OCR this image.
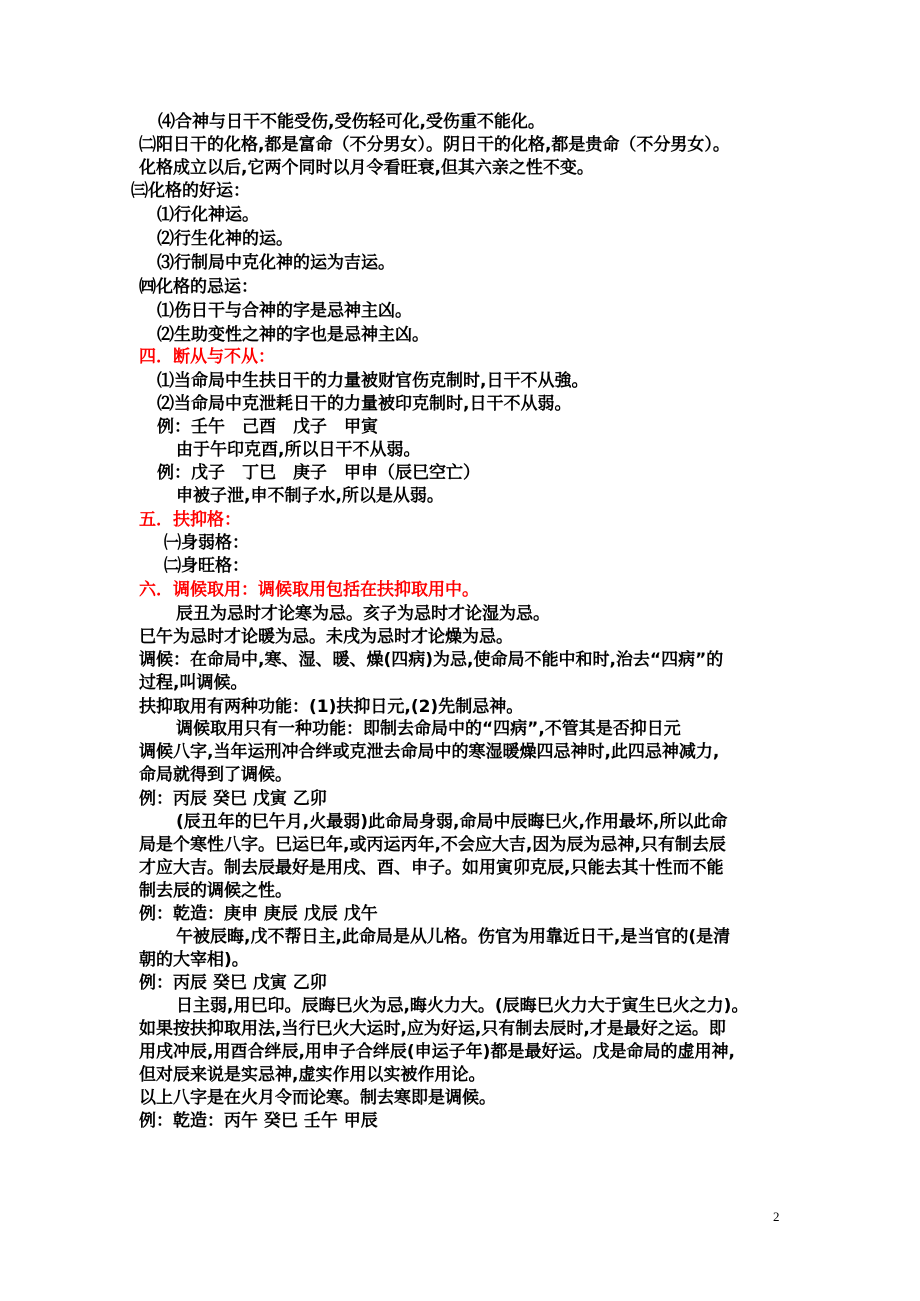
⑷合神与日干不能受伤,受伤轻可化,受伤重不能化。
㈡阳日干的化格,都是富命（不分男女）。阴日干的化格,都是贵命（不分男女）。
化格成立以后,它两个同时以月令看旺衰,但其六亲之性不变。
㈢化格的好运：
⑴行化神运。
⑵行生化神的运。
⑶行制局中克化神的运为吉运。
㈣化格的忌运：
⑴伤日干与合神的字是忌神主凶。
⑵生助变性之神的字也是忌神主凶。
四．断从与不从：
⑴当命局中生扶日干的力量被财官伤克制时,日干不从強。
⑵当命局中克泄耗日干的力量被印克制时,日干不从弱。
例：壬午　己酉　戊子　甲寅
由于午印克酉,所以日干不从弱。
例：戊子　丁巳　庚子　甲申（辰巳空亡）
申被子泄,申不制子水,所以是从弱。
五．扶抑格：
㈠身弱格：
㈡身旺格：
六．调候取用：调候取用包括在扶抑取用中。
辰丑为忌时才论寒为忌。亥子为忌时才论湿为忌。
巳午为忌时才论暖为忌。未戌为忌时才论燥为忌。
调候：在命局中,寒、湿、暖、燥(四病)为忌,使命局不能中和时,治去“四病”的
过程,叫调候。
扶抑取用有两种功能：(1)扶抑日元,(2)先制忌神。
调候取用只有一种功能：即制去命局中的“四病”,不管其是否抑日元
调候八字,当年运刑冲合绊或克泄去命局中的寒湿暖燥四忌神时,此四忌神减力,
命局就得到了调候。
例：丙辰 癸巳 戊寅 乙卯
(辰丑年的巳午月,火最弱)此命局身弱,命局中辰晦巳火,作用最坏,所以此命
局是个寒性八字。巳运巳年,或丙运丙年,不会应大吉,因为辰为忌神,只有制去辰
才应大吉。制去辰最好是用戌、酉、申子。如用寅卯克辰,只能去其十性而不能
制去辰的调候之性。
例：乾造：庚申 庚辰 戊辰 戊午
午被辰晦,戊不帮日主,此命局是从儿格。伤官为用靠近日干,是当官的(是清
朝的大宰相)。
例：丙辰 癸巳 戊寅 乙卯
日主弱,用巳印。辰晦巳火为忌,晦火力大。(辰晦巳火力大于寅生巳火之力)。
如果按扶抑取用法,当行巳火大运时,应为好运,只有制去辰时,才是最好之运。即
用戌冲辰,用酉合绊辰,用申子合绊辰(申运子年)都是最好运。戊是命局的虚用神,
但对辰来说是实忌神,虚实作用以实被作用论。
以上八字是在火月令而论寒。制去寒即是调候。
例：乾造：丙午 癸巳 壬午 甲辰
2
